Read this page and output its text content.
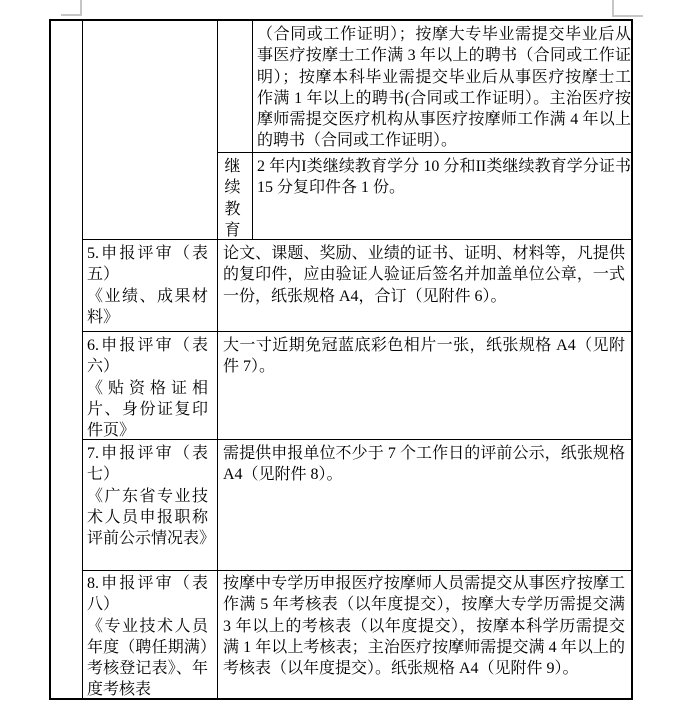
（合同或工作证明）；按摩大专毕业需提交毕业后从事医疗按摩士工作满 3 年以上的聘书（合同或工作证明）；按摩本科毕业需提交毕业后从事医疗按摩士工作满 1 年以上的聘书(合同或工作证明）。主治医疗按摩师需提交医疗机构从事医疗按摩师工作满 4 年以上的聘书（合同或工作证明）。
继续教育
2 年内I类继续教育学分 10 分和II类继续教育学分证书 15 分复印件各 1 份。
5.申报评审（表五）
《业绩、成果材料》
论文、课题、奖励、业绩的证书、证明、材料等，凡提供的复印件，应由验证人验证后签名并加盖单位公章，一式一份，纸张规格 A4，合订（见附件 6）。
6.申报评审（表六）
《贴资格证相片、身份证复印件页》
大一寸近期免冠蓝底彩色相片一张，纸张规格 A4（见附件 7）。
7.申报评审（表七）
《广东省专业技术人员申报职称评前公示情况表》
需提供申报单位不少于 7 个工作日的评前公示，纸张规格 A4（见附件 8）。
8.申报评审（表八）
《专业技术人员年度（聘任期满）考核登记表》、年度考核表
按摩中专学历申报医疗按摩师人员需提交从事医疗按摩工作满 5 年考核表（以年度提交），按摩大专学历需提交满 3 年以上的考核表（以年度提交），按摩本科学历需提交满 1 年以上考核表；主治医疗按摩师需提交满 4 年以上的考核表（以年度提交）。纸张规格 A4（见附件 9）。
